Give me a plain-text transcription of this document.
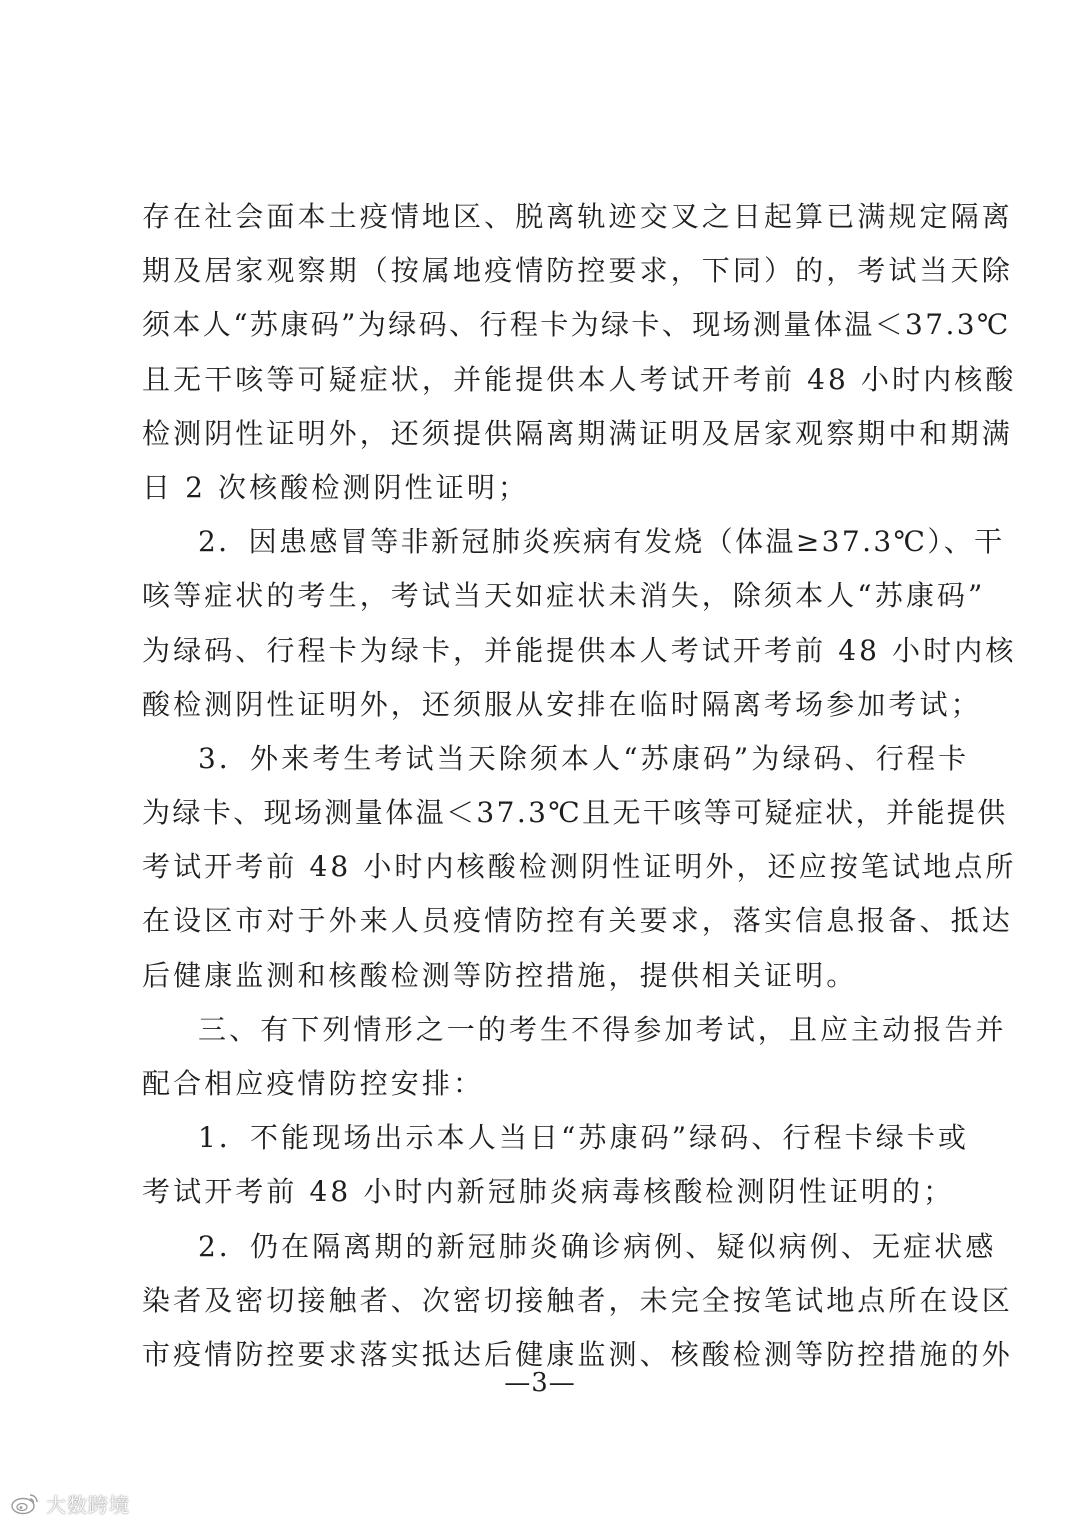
存在社会面本土疫情地区、脱离轨迹交叉之日起算已满规定隔离
期及居家观察期（按属地疫情防控要求，下同）的，考试当天除
须本人“苏康码”为绿码、行程卡为绿卡、现场测量体温＜37.3℃
且无干咳等可疑症状，并能提供本人考试开考前 48 小时内核酸
检测阴性证明外，还须提供隔离期满证明及居家观察期中和期满
日 2 次核酸检测阴性证明；
2．因患感冒等非新冠肺炎疾病有发烧（体温≥37.3℃）、干
咳等症状的考生，考试当天如症状未消失，除须本人“苏康码”
为绿码、行程卡为绿卡，并能提供本人考试开考前 48 小时内核
酸检测阴性证明外，还须服从安排在临时隔离考场参加考试；
3．外来考生考试当天除须本人“苏康码”为绿码、行程卡
为绿卡、现场测量体温＜37.3℃且无干咳等可疑症状，并能提供
考试开考前 48 小时内核酸检测阴性证明外，还应按笔试地点所
在设区市对于外来人员疫情防控有关要求，落实信息报备、抵达
后健康监测和核酸检测等防控措施，提供相关证明。
三、有下列情形之一的考生不得参加考试，且应主动报告并
配合相应疫情防控安排：
1．不能现场出示本人当日“苏康码”绿码、行程卡绿卡或
考试开考前 48 小时内新冠肺炎病毒核酸检测阴性证明的；
2．仍在隔离期的新冠肺炎确诊病例、疑似病例、无症状感
染者及密切接触者、次密切接触者，未完全按笔试地点所在设区
市疫情防控要求落实抵达后健康监测、核酸检测等防控措施的外
—3—
大数跨境
